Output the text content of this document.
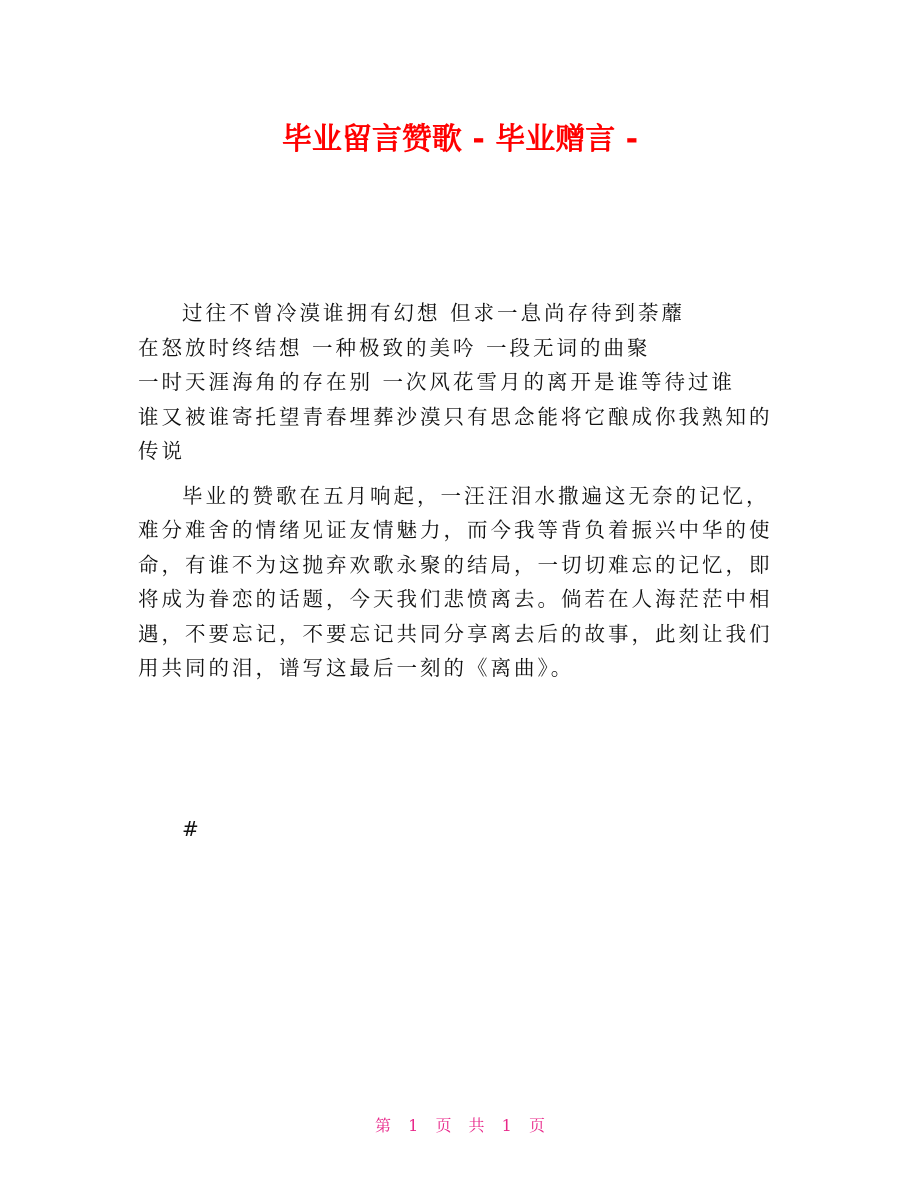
毕业留言赞歌 - 毕业赠言 -
过往不曾冷漠谁拥有幻想 但求一息尚存待到荼蘼
在怒放时终结想 一种极致的美吟 一段无词的曲聚
一时天涯海角的存在别 一次风花雪月的离开是谁等待过谁
谁又被谁寄托望青春埋葬沙漠只有思念能将它酿成你我熟知的
传说
毕业的赞歌在五月响起，一汪汪泪水撒遍这无奈的记忆，
难分难舍的情绪见证友情魅力，而今我等背负着振兴中华的使
命，有谁不为这抛弃欢歌永聚的结局，一切切难忘的记忆，即
将成为眷恋的话题，今天我们悲愤离去。倘若在人海茫茫中相
遇，不要忘记，不要忘记共同分享离去后的故事，此刻让我们
用共同的泪，谱写这最后一刻的《离曲》。
#
第 1 页 共 1 页
